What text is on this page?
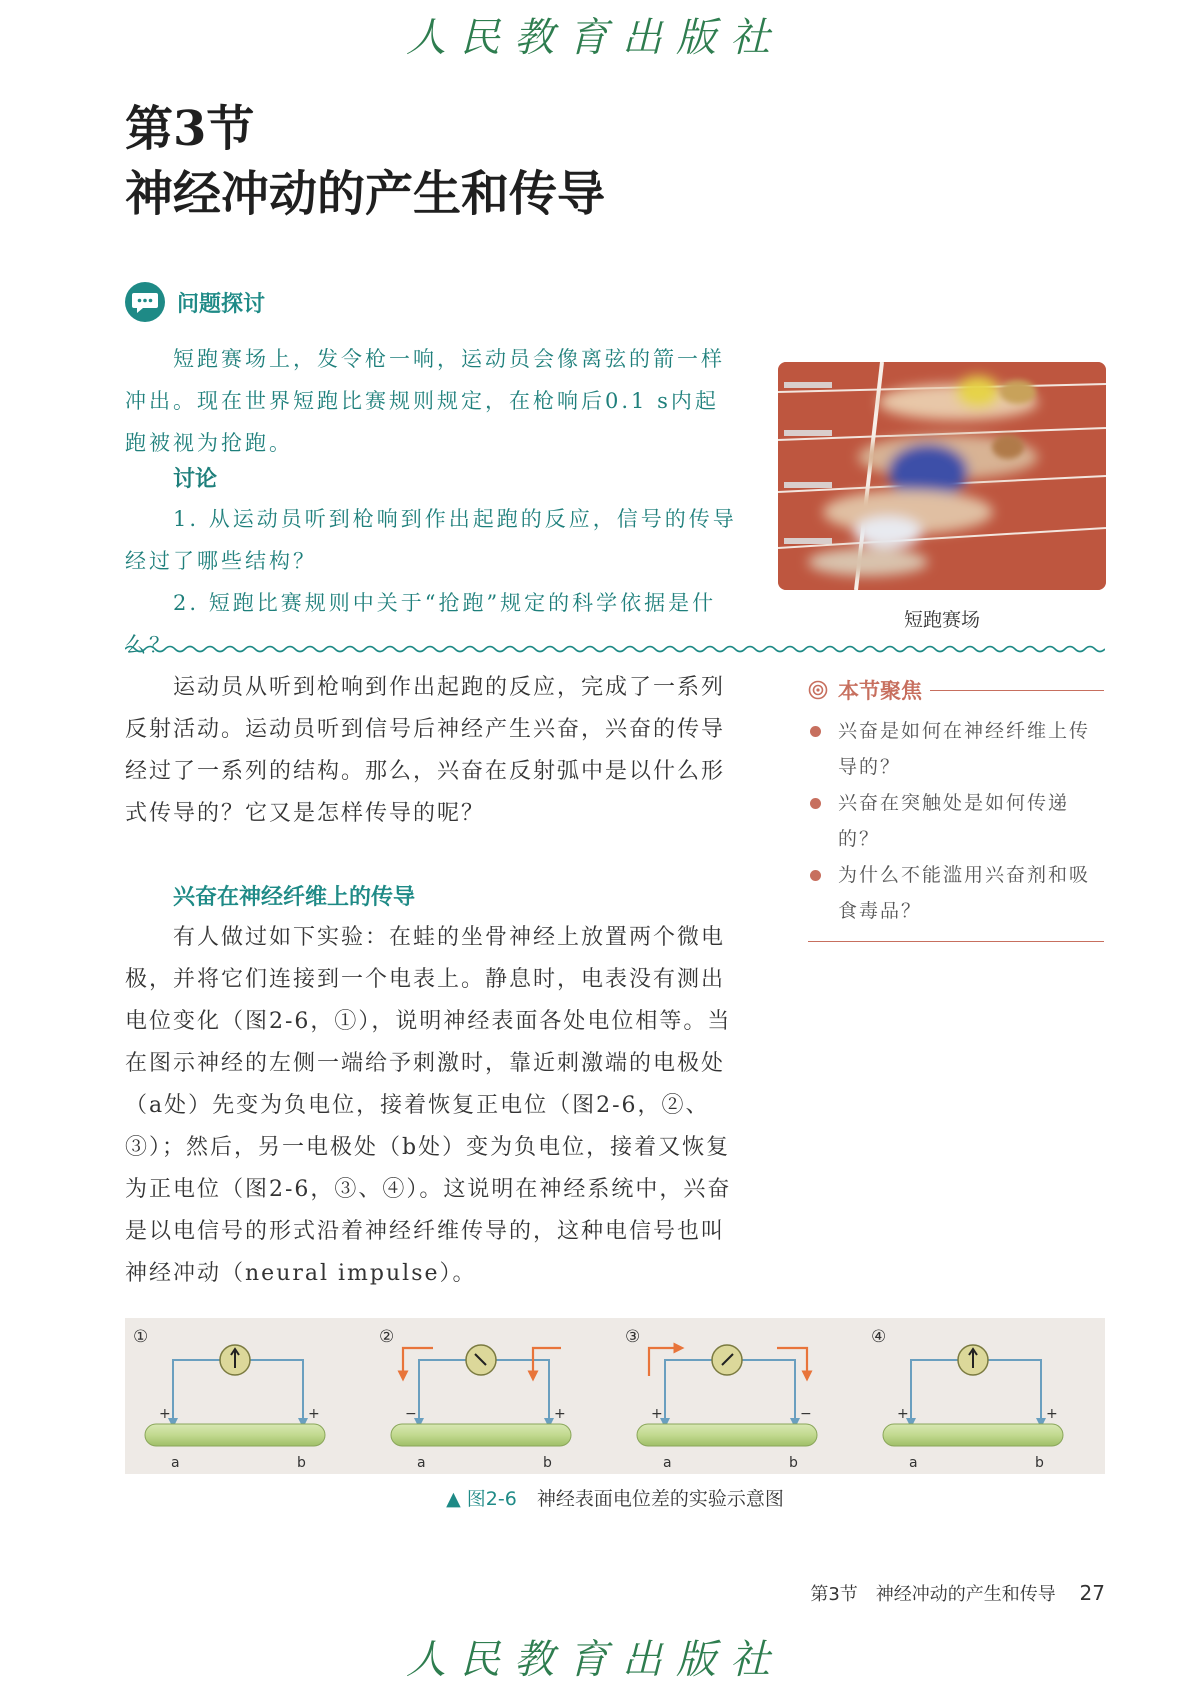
人民教育出版社
第3节
神经冲动的产生和传导
问题探讨

短跑赛场上，发令枪一响，运动员会像离弦的箭一样冲出。现在世界短跑比赛规则规定，在枪响后0.1 s内起跑被视为抢跑。

讨论

1. 从运动员听到枪响到作出起跑的反应，信号的传导经过了哪些结构？

2. 短跑比赛规则中关于“抢跑”规定的科学依据是什么？

短跑赛场

运动员从听到枪响到作出起跑的反应，完成了一系列反射活动。运动员听到信号后神经产生兴奋，兴奋的传导经过了一系列的结构。那么，兴奋在反射弧中是以什么形式传导的？它又是怎样传导的呢？

本节聚焦
兴奋是如何在神经纤维上传导的？
兴奋在突触处是如何传递的？
为什么不能滥用兴奋剂和吸食毒品？
兴奋在神经纤维上的传导

有人做过如下实验：在蛙的坐骨神经上放置两个微电极，并将它们连接到一个电表上。静息时，电表没有测出电位变化（图2-6，①），说明神经表面各处电位相等。当在图示神经的左侧一端给予刺激时，靠近刺激端的电极处（a处）先变为负电位，接着恢复正电位（图2-6，②、③）；然后，另一电极处（b处）变为负电位，接着又恢复为正电位（图2-6，③、④）。这说明在神经系统中，兴奋是以电信号的形式沿着神经纤维传导的，这种电信号也叫神经冲动（neural impulse）。

①
+	+
a	b
②
−	+
a	b
③
+	−
a	b
④
+	+
a	b
▲ 图2-6 神经表面电位差的实验示意图
第3节　神经冲动的产生和传导 27
人民教育出版社
